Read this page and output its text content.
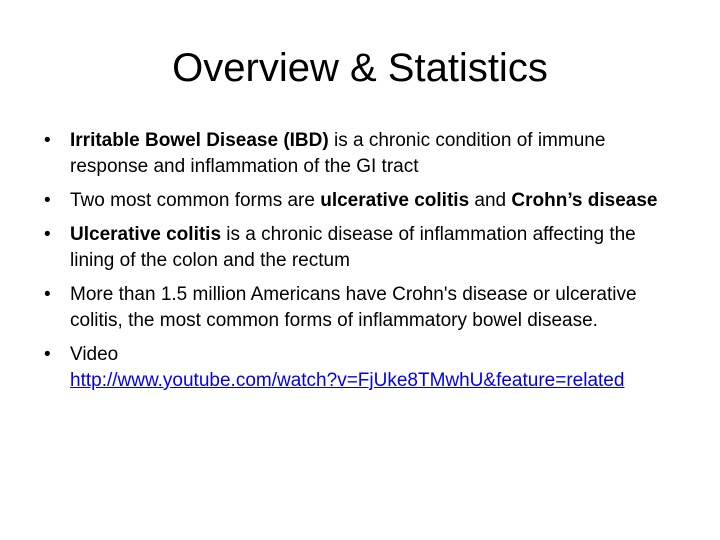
Overview & Statistics
•	Irritable Bowel Disease (IBD) is a chronic condition of immune response and inflammation of the GI tract
•	Two most common forms are ulcerative colitis and Crohn’s disease
•	Ulcerative colitis is a chronic disease of inflammation affecting the lining of the colon and the rectum
•	More than 1.5 million Americans have Crohn's disease or ulcerative colitis, the most common forms of inflammatory bowel disease.
•	Video
http://www.youtube.com/watch?v=FjUke8TMwhU&feature=related
